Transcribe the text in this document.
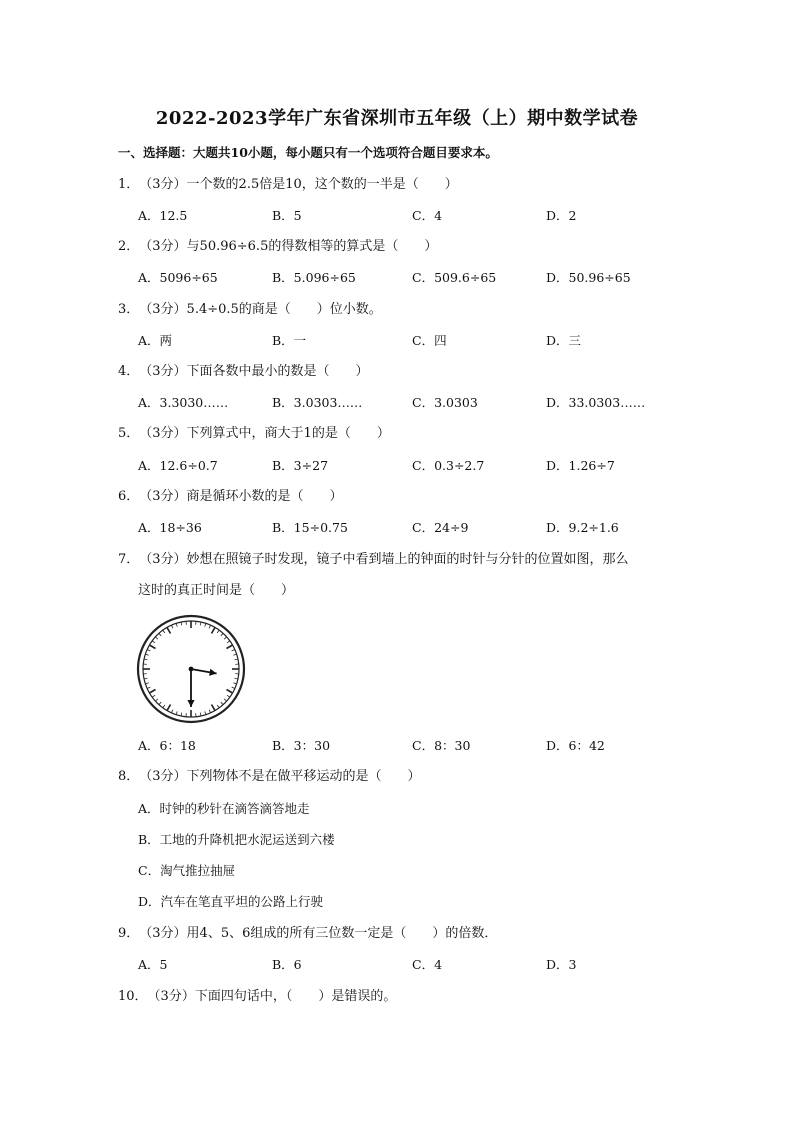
2022-2023学年广东省深圳市五年级（上）期中数学试卷
一、选择题：大题共10小题，每小题只有一个选项符合题目要求本。
1．（3分）一个数的2.5倍是10，这个数的一半是（　　）
A．12.5	B．5	C．4	D．2
2．（3分）与50.96÷6.5的得数相等的算式是（　　）
A．5096÷65	B．5.096÷65	C．509.6÷65	D．50.96÷65
3．（3分）5.4÷0.5的商是（　　）位小数。
A．两	B．一	C．四	D．三
4．（3分）下面各数中最小的数是（　　）
A．3.3030……	B．3.0303……	C．3.0303	D．33.0303……
5．（3分）下列算式中，商大于1的是（　　）
A．12.6÷0.7	B．3÷27	C．0.3÷2.7	D．1.26÷7
6．（3分）商是循环小数的是（　　）
A．18÷36	B．15÷0.75	C．24÷9	D．9.2÷1.6
7．（3分）妙想在照镜子时发现，镜子中看到墙上的钟面的时针与分针的位置如图，那么
这时的真正时间是（　　）
A．6：18	B．3：30	C．8：30	D．6：42
8．（3分）下列物体不是在做平移运动的是（　　）
A．时钟的秒针在滴答滴答地走
B．工地的升降机把水泥运送到六楼
C．淘气推拉抽屉
D．汽车在笔直平坦的公路上行驶
9．（3分）用4、5、6组成的所有三位数一定是（　　）的倍数．
A．5	B．6	C．4	D．3
10．（3分）下面四句话中，（　　）是错误的。
